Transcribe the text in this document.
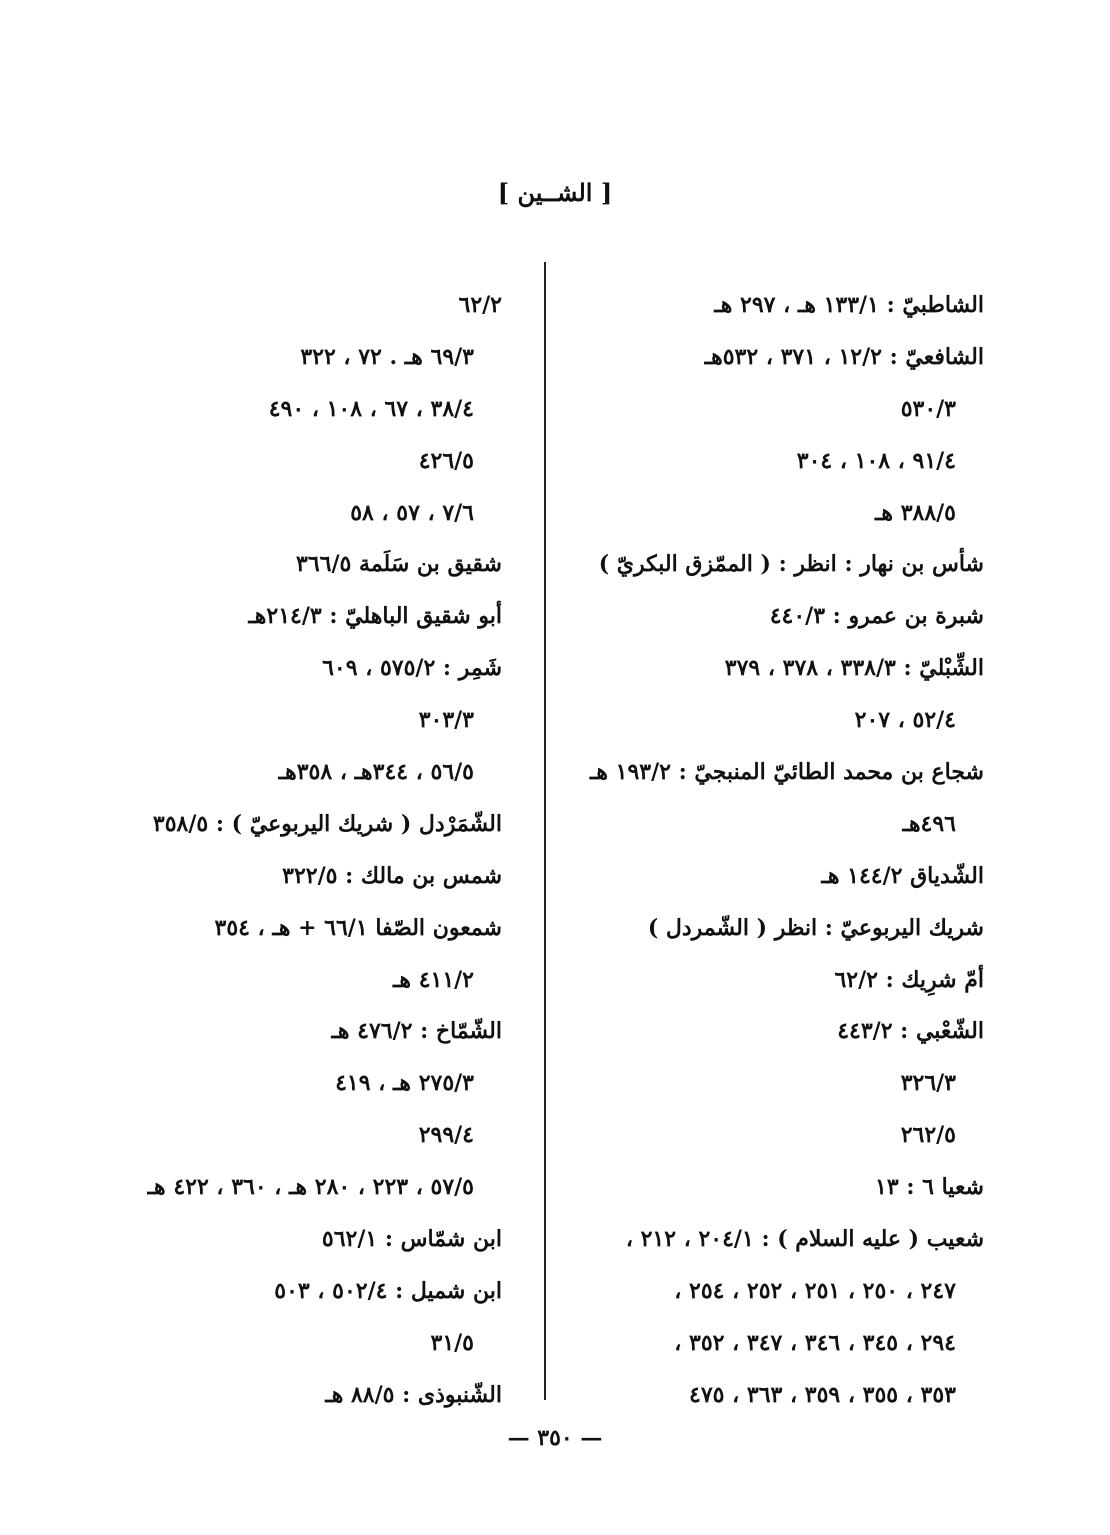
[ الشــين ]
الشاطبيّ : ١٣٣/١ هـ ، ٢٩٧ هـ
الشافعيّ : ١٢/٢ ، ٣٧١ ، ٥٣٢هـ
٥٣٠/٣
٩١/٤ ، ١٠٨ ، ٣٠٤
٣٨٨/٥ هـ
شأس بن نهار : انظر : ( الممّزق البكريّ )
شبرة بن عمرو : ٤٤٠/٣
الشِّبْليّ : ٣٣٨/٣ ، ٣٧٨ ، ٣٧٩
٥٢/٤ ، ٢٠٧
شجاع بن محمد الطائيّ المنبجيّ : ١٩٣/٢ هـ
٤٩٦هـ
الشّدياق ١٤٤/٢ هـ
شريك اليربوعيّ : انظر ( الشّمردل )
أمّ شرِيك : ٦٢/٢
الشّعْبي : ٤٤٣/٢
٣٢٦/٣
٢٦٢/٥
شعيا ٦ : ١٣
شعيب ( عليه السلام ) : ٢٠٤/١ ، ٢١٢ ،
٢٤٧ ، ٢٥٠ ، ٢٥١ ، ٢٥٢ ، ٢٥٤ ،
٢٩٤ ، ٣٤٥ ، ٣٤٦ ، ٣٤٧ ، ٣٥٢ ،
٣٥٣ ، ٣٥٥ ، ٣٥٩ ، ٣٦٣ ، ٤٧٥
٦٢/٢
٦٩/٣ هـ . ٧٢ ، ٣٢٢
٣٨/٤ ، ٦٧ ، ١٠٨ ، ٤٩٠
٤٢٦/٥
٧/٦ ، ٥٧ ، ٥٨
شقيق بن سَلَمة ٣٦٦/٥
أبو شقيق الباهليّ : ٢١٤/٣هـ
شَمِر : ٥٧٥/٢ ، ٦٠٩
٣٠٣/٣
٥٦/٥ ، ٣٤٤هـ ، ٣٥٨هـ
الشّمَرْدل ( شريك اليربوعيّ ) : ٣٥٨/٥
شمس بن مالك : ٣٢٢/٥
شمعون الصّفا ٦٦/١ + هـ ، ٣٥٤
٤١١/٢ هـ
الشّمّاخ : ٤٧٦/٢ هـ
٢٧٥/٣ هـ ، ٤١٩
٢٩٩/٤
٥٧/٥ ، ٢٢٣ ، ٢٨٠ هـ ، ٣٦٠ ، ٤٢٢ هـ
ابن شمّاس : ٥٦٢/١
ابن شميل : ٥٠٢/٤ ، ٥٠٣
٣١/٥
الشّنبوذى : ٨٨/٥ هـ
— ٣٥٠ —
